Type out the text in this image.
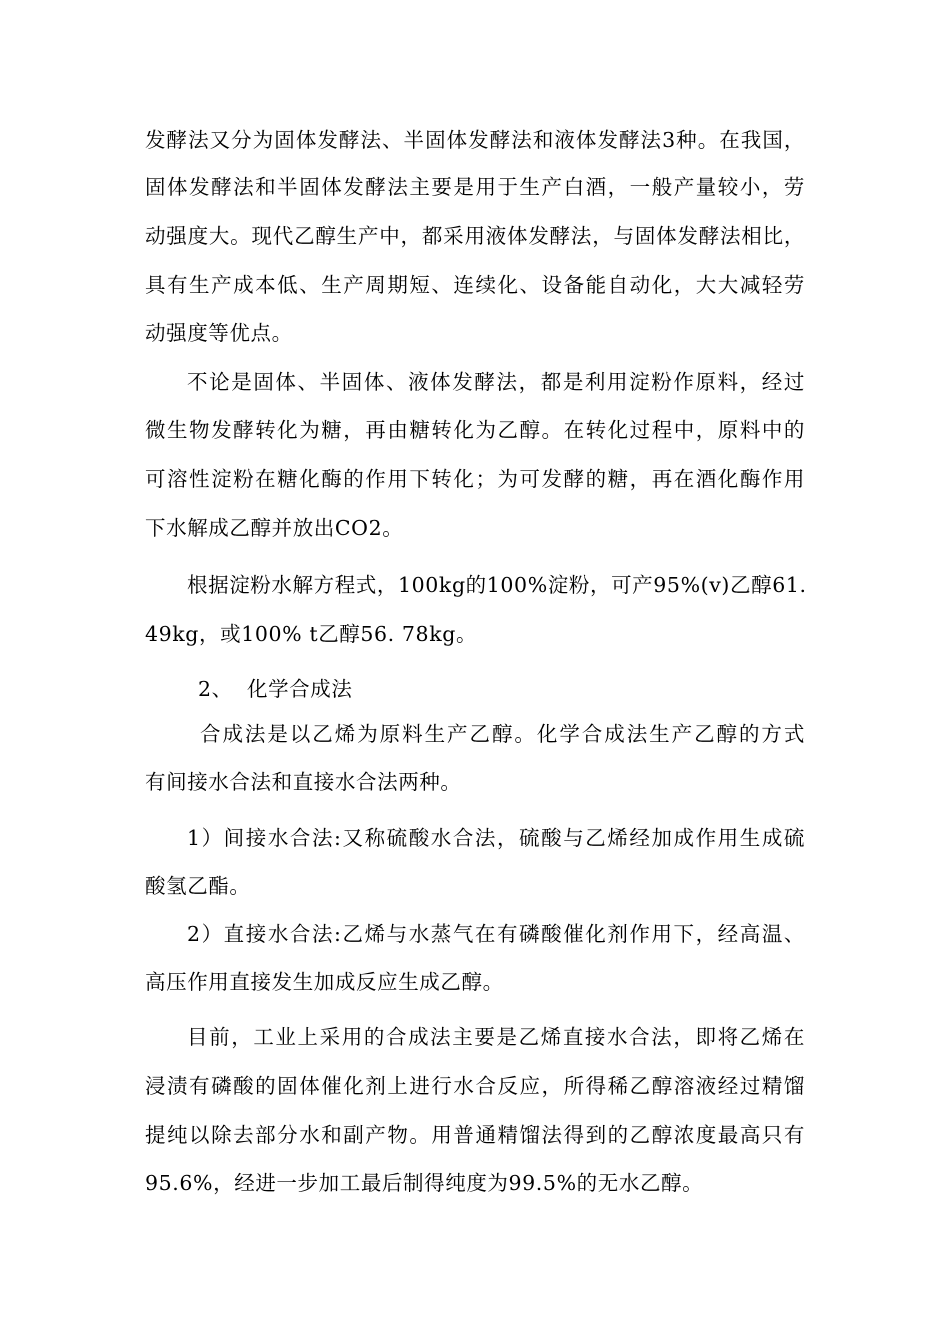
发酵法又分为固体发酵法、半固体发酵法和液体发酵法3种。在我国，
固体发酵法和半固体发酵法主要是用于生产白酒，一般产量较小，劳
动强度大。现代乙醇生产中，都采用液体发酵法，与固体发酵法相比，
具有生产成本低、生产周期短、连续化、设备能自动化，大大减轻劳
动强度等优点。
不论是固体、半固体、液体发酵法，都是利用淀粉作原料，经过
微生物发酵转化为糖，再由糖转化为乙醇。在转化过程中，原料中的
可溶性淀粉在糖化酶的作用下转化；为可发酵的糖，再在酒化酶作用
下水解成乙醇并放出CO2。
根据淀粉水解方程式，100kg的100%淀粉，可产95%(v)乙醇61.
49kg，或100% t乙醇56. 78kg。
2、  化学合成法
合成法是以乙烯为原料生产乙醇。化学合成法生产乙醇的方式
有间接水合法和直接水合法两种。
1）间接水合法:又称硫酸水合法，硫酸与乙烯经加成作用生成硫
酸氢乙酯。
2）直接水合法:乙烯与水蒸气在有磷酸催化剂作用下，经高温、
高压作用直接发生加成反应生成乙醇。
目前，工业上采用的合成法主要是乙烯直接水合法，即将乙烯在
浸渍有磷酸的固体催化剂上进行水合反应，所得稀乙醇溶液经过精馏
提纯以除去部分水和副产物。用普通精馏法得到的乙醇浓度最高只有
95.6%，经进一步加工最后制得纯度为99.5%的无水乙醇。
